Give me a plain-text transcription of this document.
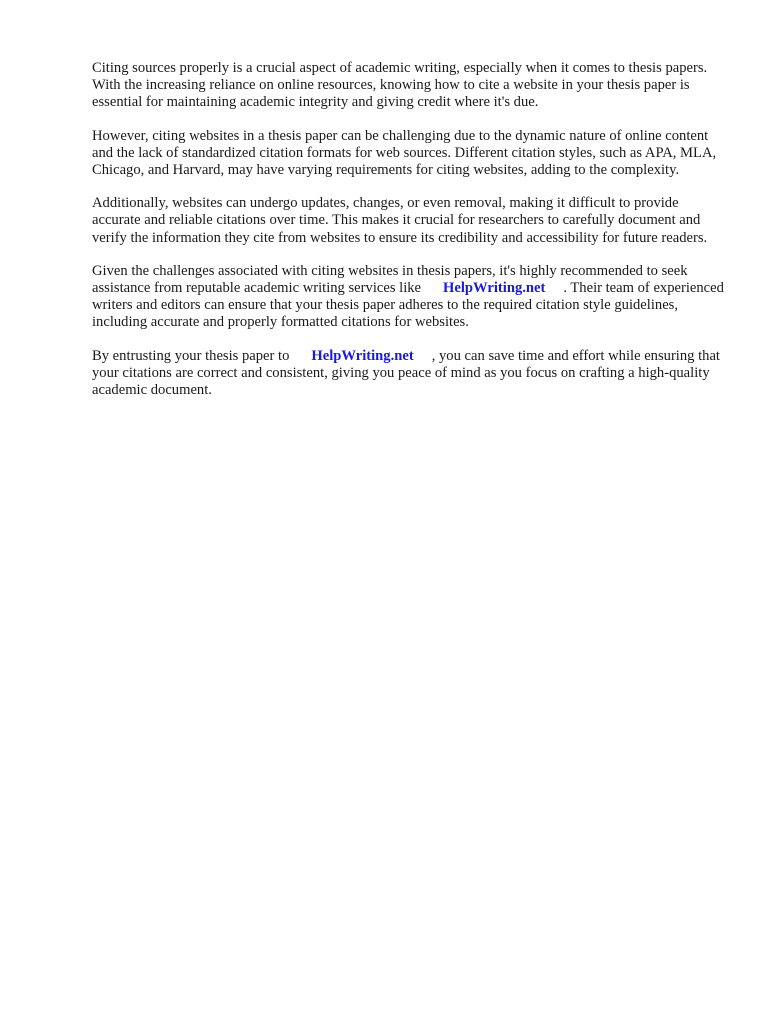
Citing sources properly is a crucial aspect of academic writing, especially when it comes to thesis papers. With the increasing reliance on online resources, knowing how to cite a website in your thesis paper is essential for maintaining academic integrity and giving credit where it's due.

However, citing websites in a thesis paper can be challenging due to the dynamic nature of online content and the lack of standardized citation formats for web sources. Different citation styles, such as APA, MLA, Chicago, and Harvard, may have varying requirements for citing websites, adding to the complexity.

Additionally, websites can undergo updates, changes, or even removal, making it difficult to provide accurate and reliable citations over time. This makes it crucial for researchers to carefully document and verify the information they cite from websites to ensure its credibility and accessibility for future readers.

Given the challenges associated with citing websites in thesis papers, it's highly recommended to seek assistance from reputable academic writing services like HelpWriting.net . Their team of experienced writers and editors can ensure that your thesis paper adheres to the required citation style guidelines, including accurate and properly formatted citations for websites.

By entrusting your thesis paper to HelpWriting.net , you can save time and effort while ensuring that your citations are correct and consistent, giving you peace of mind as you focus on crafting a high-quality academic document.
